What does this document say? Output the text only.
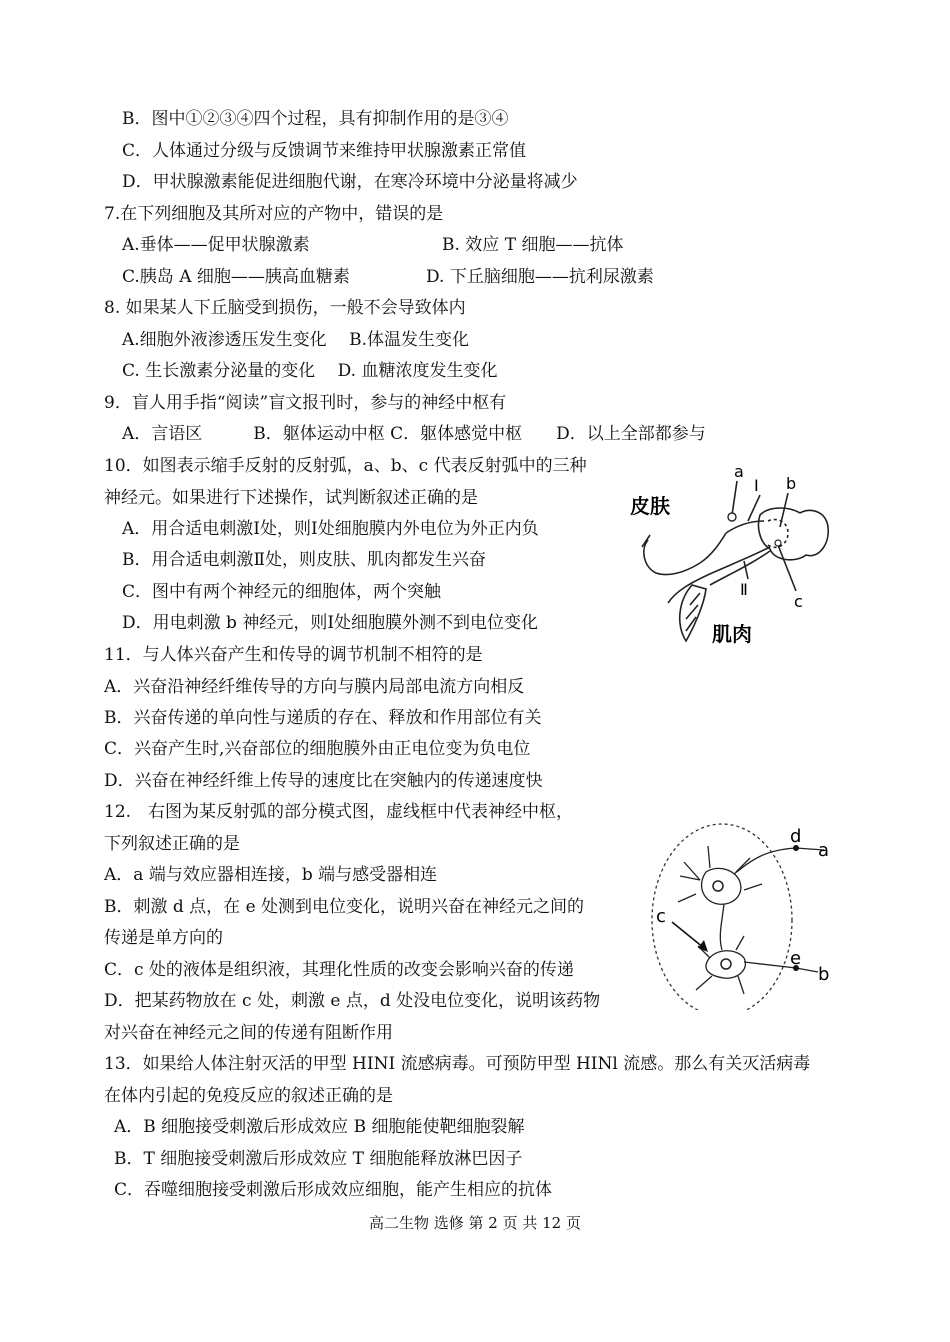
B．图中①②③④四个过程，具有抑制作用的是③④
C．人体通过分级与反馈调节来维持甲状腺激素正常值
D．甲状腺激素能促进细胞代谢，在寒冷环境中分泌量将减少
7.在下列细胞及其所对应的产物中，错误的是
A.垂体——促甲状腺激素	B. 效应 T 细胞——抗体
C.胰岛 A 细胞——胰高血糖素	D. 下丘脑细胞——抗利尿激素
8. 如果某人下丘脑受到损伤，一般不会导致体内
A.细胞外液渗透压发生变化　 B.体温发生变化
C. 生长激素分泌量的变化　 D. 血糖浓度发生变化
9．盲人用手指“阅读”盲文报刊时，参与的神经中枢有
A．言语区　　　B．躯体运动中枢 C．躯体感觉中枢　　D．以上全部都参与
10．如图表示缩手反射的反射弧，a、b、c 代表反射弧中的三种
神经元。如果进行下述操作，试判断叙述正确的是
A．用合适电刺激Ⅰ处，则Ⅰ处细胞膜内外电位为外正内负
B．用合适电刺激Ⅱ处，则皮肤、肌肉都发生兴奋
C．图中有两个神经元的细胞体，两个突触
D．用电刺激 b 神经元，则Ⅰ处细胞膜外测不到电位变化
11．与人体兴奋产生和传导的调节机制不相符的是
A．兴奋沿神经纤维传导的方向与膜内局部电流方向相反
B．兴奋传递的单向性与递质的存在、释放和作用部位有关
C．兴奋产生时,兴奋部位的细胞膜外由正电位变为负电位
D．兴奋在神经纤维上传导的速度比在突触内的传递速度快
12.　右图为某反射弧的部分模式图，虚线框中代表神经中枢，
下列叙述正确的是
A．a 端与效应器相连接，b 端与感受器相连
B．刺激 d 点，在 e 处测到电位变化，说明兴奋在神经元之间的
传递是单方向的
C．c 处的液体是组织液，其理化性质的改变会影响兴奋的传递
D．把某药物放在 c 处，刺激 e 点，d 处没电位变化，说明该药物
对兴奋在神经元之间的传递有阻断作用
13．如果给人体注射灭活的甲型 HINI 流感病毒。可预防甲型 HINl 流感。那么有关灭活病毒
在体内引起的免疫反应的叙述正确的是
A．B 细胞接受刺激后形成效应 B 细胞能使靶细胞裂解
B．T 细胞接受刺激后形成效应 T 细胞能释放淋巴因子
C．吞噬细胞接受刺激后形成效应细胞，能产生相应的抗体
皮肤
肌肉
a
Ⅰ b
c
Ⅱ
d
a
c
e
b
高二生物 选修 第 2 页 共 12 页
